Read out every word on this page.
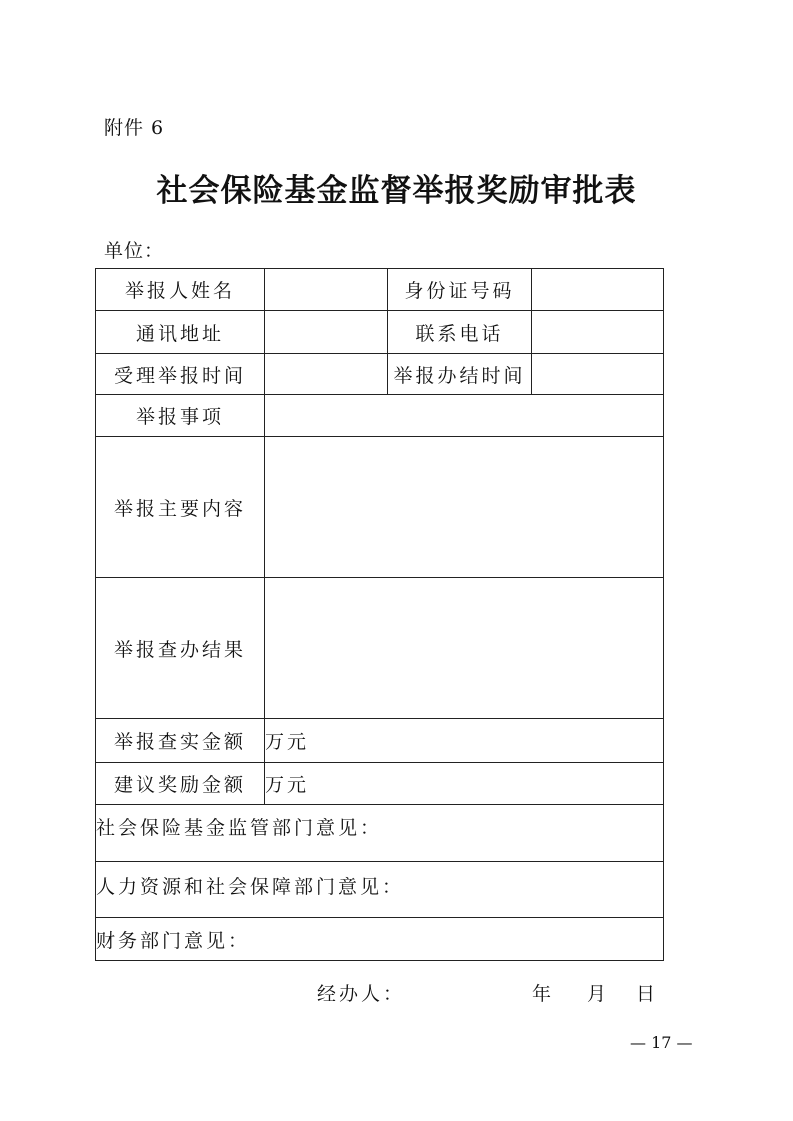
附件 6
社会保险基金监督举报奖励审批表
单位：
举报人姓名		身份证号码	
通讯地址		联系电话	
受理举报时间		举报办结时间	
举报事项			
举报主要内容			
举报查办结果			
举报查实金额	万元		
建议奖励金额	万元		
社会保险基金监管部门意见：			
人力资源和社会保障部门意见：			
财务部门意见：			
经办人：	年 月 日
— 17 —
